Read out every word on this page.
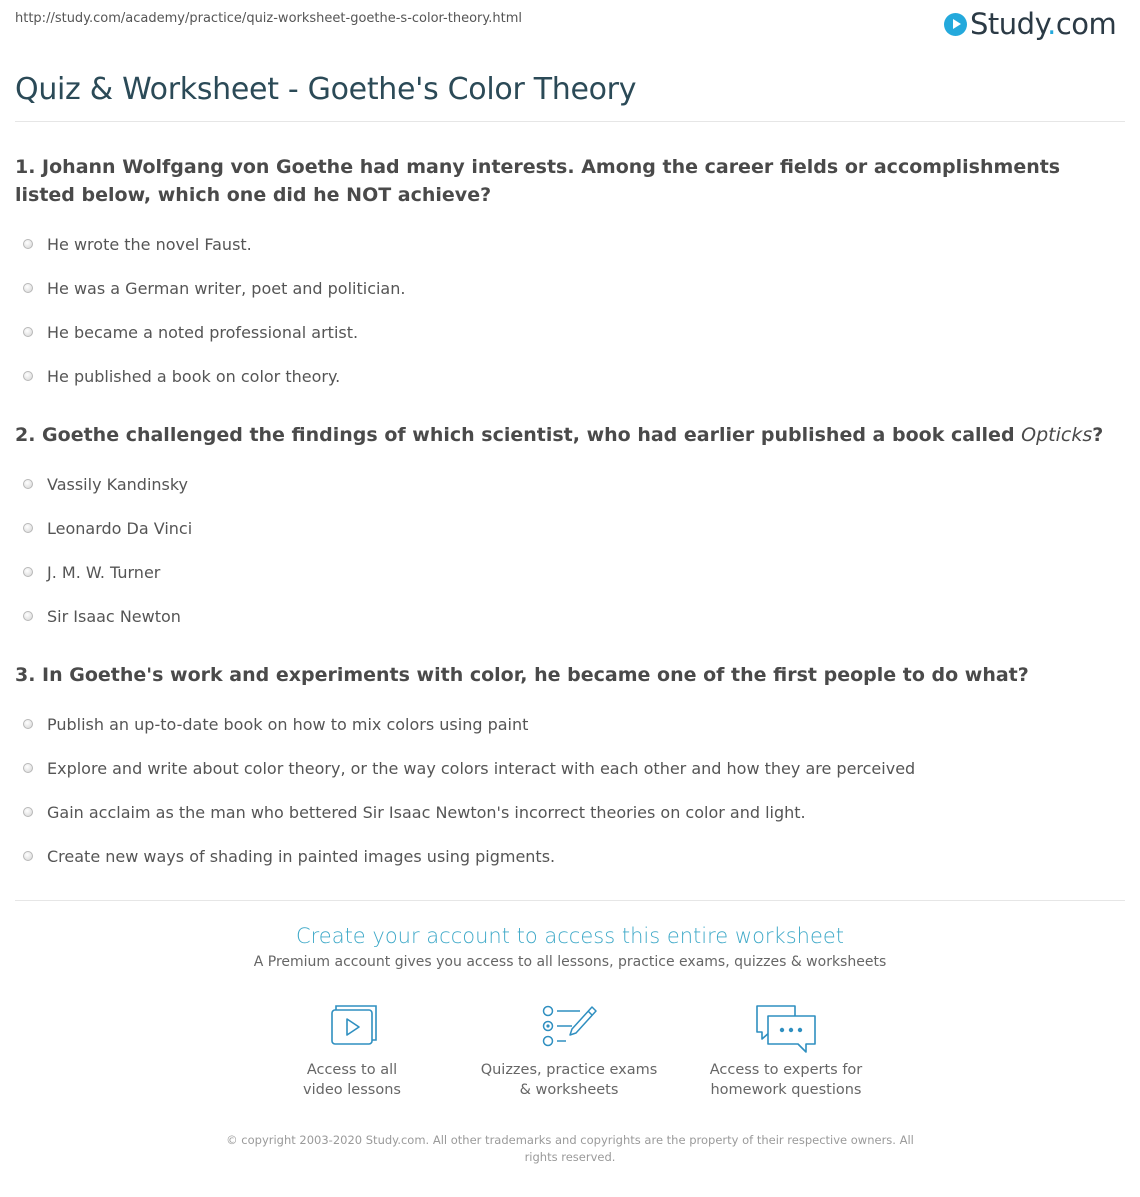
http://study.com/academy/practice/quiz-worksheet-goethe-s-color-theory.html	Study.com
Quiz & Worksheet - Goethe's Color Theory

1. Johann Wolfgang von Goethe had many interests. Among the career fields or accomplishments listed below, which one did he NOT achieve?

He wrote the novel Faust.
He was a German writer, poet and politician.
He became a noted professional artist.
He published a book on color theory.

2. Goethe challenged the findings of which scientist, who had earlier published a book called Opticks?

Vassily Kandinsky
Leonardo Da Vinci
J. M. W. Turner
Sir Isaac Newton

3. In Goethe's work and experiments with color, he became one of the first people to do what?

Publish an up-to-date book on how to mix colors using paint
Explore and write about color theory, or the way colors interact with each other and how they are perceived
Gain acclaim as the man who bettered Sir Isaac Newton's incorrect theories on color and light.
Create new ways of shading in painted images using pigments.
Create your account to access this entire worksheet
A Premium account gives you access to all lessons, practice exams, quizzes & worksheets
Access to all
video lessons
Quizzes, practice exams
& worksheets
Access to experts for
homework questions
© copyright 2003-2020 Study.com. All other trademarks and copyrights are the property of their respective owners. All rights reserved.
